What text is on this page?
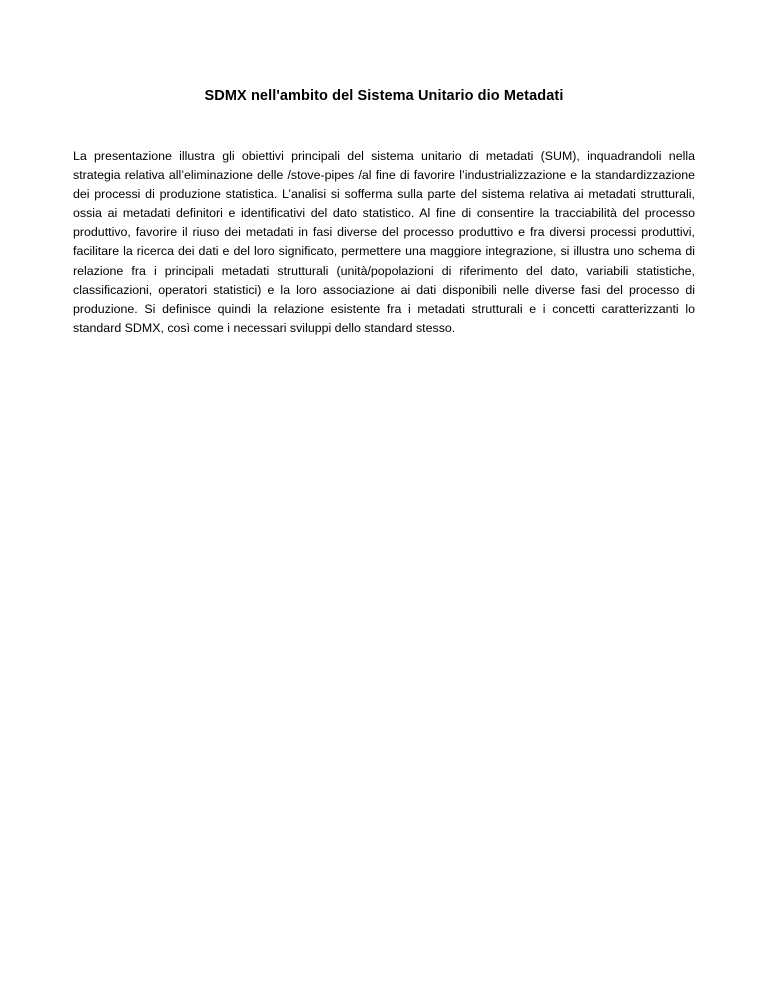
SDMX nell'ambito del Sistema Unitario dio Metadati

La presentazione illustra gli obiettivi principali del sistema unitario di metadati (SUM), inquadrandoli nella strategia relativa all’eliminazione delle /stove-pipes /al fine di favorire l’industrializzazione e la standardizzazione dei processi di produzione statistica. L’analisi si sofferma sulla parte del sistema relativa ai metadati strutturali, ossia ai metadati definitori e identificativi del dato statistico. Al fine di consentire la tracciabilità del processo produttivo, favorire il riuso dei metadati in fasi diverse del processo produttivo e fra diversi processi produttivi, facilitare la ricerca dei dati e del loro significato, permettere una maggiore integrazione, si illustra uno schema di relazione fra i principali metadati strutturali (unità/popolazioni di riferimento del dato, variabili statistiche, classificazioni, operatori statistici) e la loro associazione ai dati disponibili nelle diverse fasi del processo di produzione. Si definisce quindi la relazione esistente fra i metadati strutturali e i concetti caratterizzanti lo standard SDMX, così come i necessari sviluppi dello standard stesso.
